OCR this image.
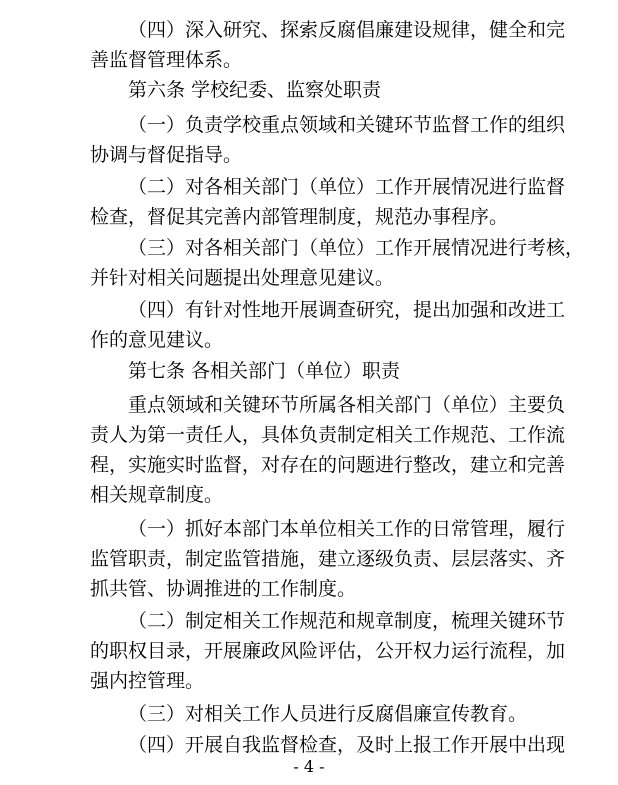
（四）深入研究、探索反腐倡廉建设规律，健全和完
善监督管理体系。
第六条 学校纪委、监察处职责
（一）负责学校重点领域和关键环节监督工作的组织
协调与督促指导。
（二）对各相关部门（单位）工作开展情况进行监督
检查，督促其完善内部管理制度，规范办事程序。
（三）对各相关部门（单位）工作开展情况进行考核，
并针对相关问题提出处理意见建议。
（四）有针对性地开展调查研究，提出加强和改进工
作的意见建议。
第七条 各相关部门（单位）职责
重点领域和关键环节所属各相关部门（单位）主要负
责人为第一责任人，具体负责制定相关工作规范、工作流
程，实施实时监督，对存在的问题进行整改，建立和完善
相关规章制度。
（一）抓好本部门本单位相关工作的日常管理，履行
监管职责，制定监管措施，建立逐级负责、层层落实、齐
抓共管、协调推进的工作制度。
（二）制定相关工作规范和规章制度，梳理关键环节
的职权目录，开展廉政风险评估，公开权力运行流程，加
强内控管理。
（三）对相关工作人员进行反腐倡廉宣传教育。
（四）开展自我监督检查，及时上报工作开展中出现
- 4 -
